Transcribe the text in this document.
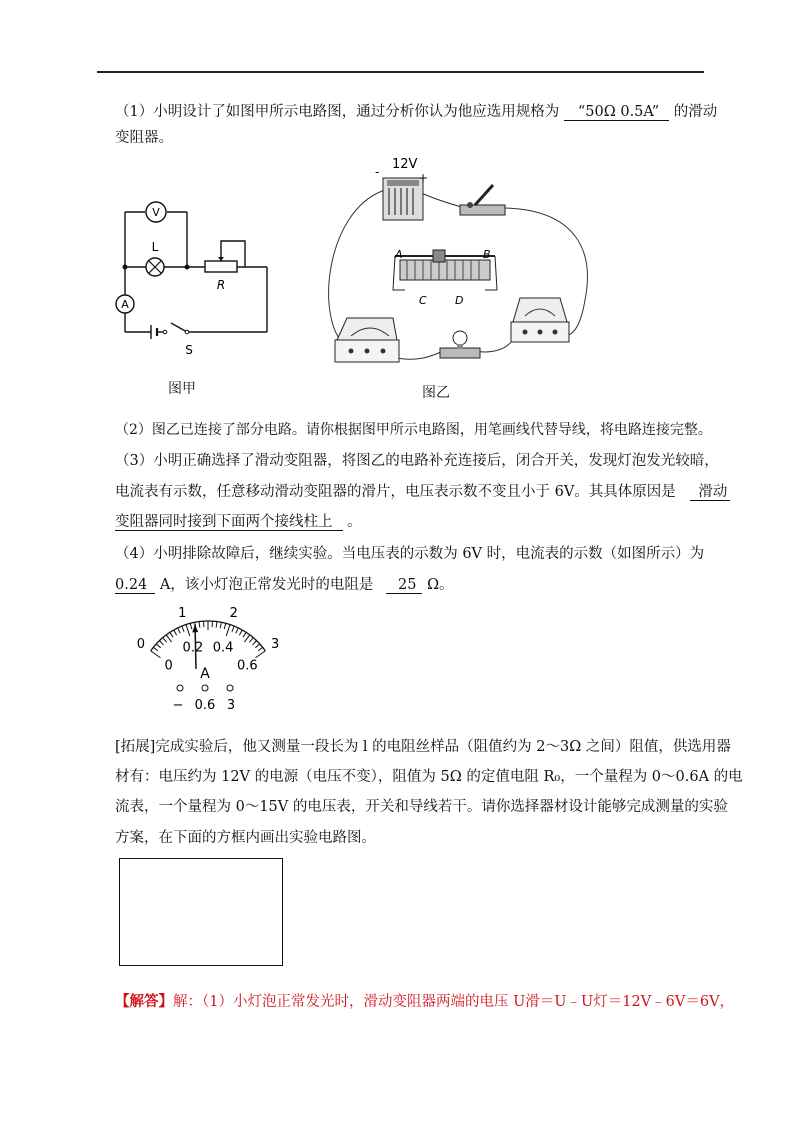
（1）小明设计了如图甲所示电路图，通过分析你认为他应选用规格为 “50Ω 0.5A” 的滑动
变阻器。
V
L
R
A
S
图甲
12V
-	+
A	B
C	D
图乙
（2）图乙已连接了部分电路。请你根据图甲所示电路图，用笔画线代替导线，将电路连接完整。
（3）小明正确选择了滑动变阻器，将图乙的电路补充连接后，闭合开关，发现灯泡发光较暗，
电流表有示数，任意移动滑动变阻器的滑片，电压表示数不变且小于 6V。其具体原因是 滑动
变阻器同时接到下面两个接线柱上 。
（4）小明排除故障后，继续实验。当电压表的示数为 6V 时，电流表的示数（如图所示）为
0.24 A，该小灯泡正常发光时的电阻是 25 Ω。
0
1	2
3
0
0.2 0.4
0.6
A
− 0.6 3
[拓展]完成实验后，他又测量一段长为 l 的电阻丝样品（阻值约为 2～3Ω 之间）阻值，供选用器
材有：电压约为 12V 的电源（电压不变），阻值为 5Ω 的定值电阻 R₀，一个量程为 0～0.6A 的电
流表，一个量程为 0～15V 的电压表，开关和导线若干。请你选择器材设计能够完成测量的实验
方案，在下面的方框内画出实验电路图。
【解答】解：（1）小灯泡正常发光时，滑动变阻器两端的电压 U滑＝U﹣U灯＝12V﹣6V＝6V，
